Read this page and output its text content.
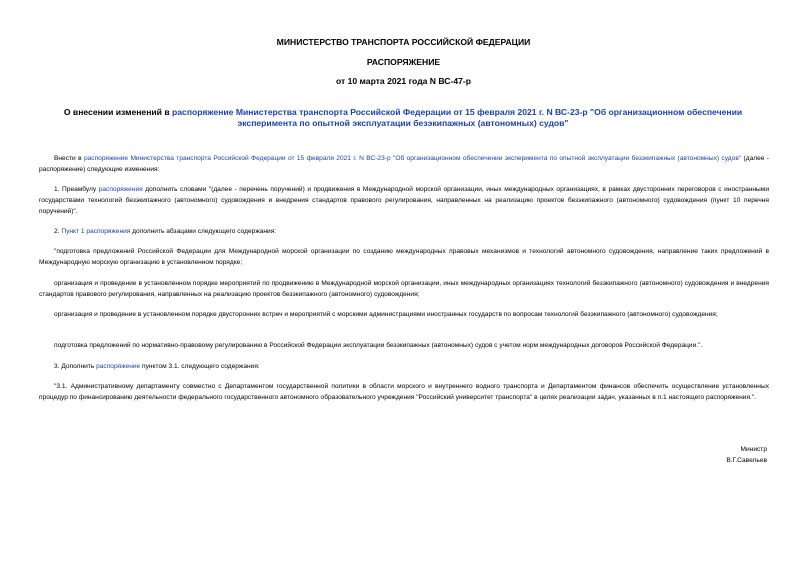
МИНИСТЕРСТВО ТРАНСПОРТА РОССИЙСКОЙ ФЕДЕРАЦИИ
РАСПОРЯЖЕНИЕ
от 10 марта 2021 года N ВС-47-р
О внесении изменений в распоряжение Министерства транспорта Российской Федерации от 15 февраля 2021 г. N ВС-23-р "Об организационном обеспечении эксперимента по опытной эксплуатации безэкипажных (автономных) судов"

Внести в распоряжение Министерства транспорта Российской Федерации от 15 февраля 2021 г. N ВС-23-р "Об организационном обеспечении эксперимента по опытной эксплуатации безэкипажных (автономных) судов" (далее - распоряжение) следующие изменения:

1. Преамбулу распоряжения дополнить словами "(далее - перечень поручений) и продвижения в Международной морской организации, иных международных организациях, в рамках двусторонних переговоров с иностранными государствами технологий безэкипажного (автономного) судовождения и внедрения стандартов правового регулирования, направленных на реализацию проектов безэкипажного (автономного) судовождения (пункт 10 перечня поручений)".

2. Пункт 1 распоряжения дополнить абзацами следующего содержания:

"подготовка предложений Российской Федерации для Международной морской организации по созданию международных правовых механизмов и технологий автономного судовождения, направление таких предложений в Международную морскую организацию в установленном порядке;

организация и проведение в установленном порядке мероприятий по продвижению в Международной морской организации, иных международных организациях технологий безэкипажного (автономного) судовождения и внедрения стандартов правового регулирования, направленных на реализацию проектов безэкипажного (автономного) судовождения;

организация и проведение в установленном порядке двусторонних встреч и мероприятий с морскими администрациями иностранных государств по вопросам технологий безэкипажного (автономного) судовождения;

подготовка предложений по нормативно-правовому регулированию в Российской Федерации эксплуатации безэкипажных (автономных) судов с учетом норм международных договоров Российской Федерации.".

3. Дополнить распоряжение пунктом 3.1. следующего содержания:

"3.1. Административному департаменту совместно с Департаментом государственной политики в области морского и внутреннего водного транспорта и Департаментом финансов обеспечить осуществление установленных процедур по финансированию деятельности федерального государственного автономного образовательного учреждения "Российский университет транспорта" в целях реализации задач, указанных в п.1 настоящего распоряжения.".

Министр
В.Г.Савельев
